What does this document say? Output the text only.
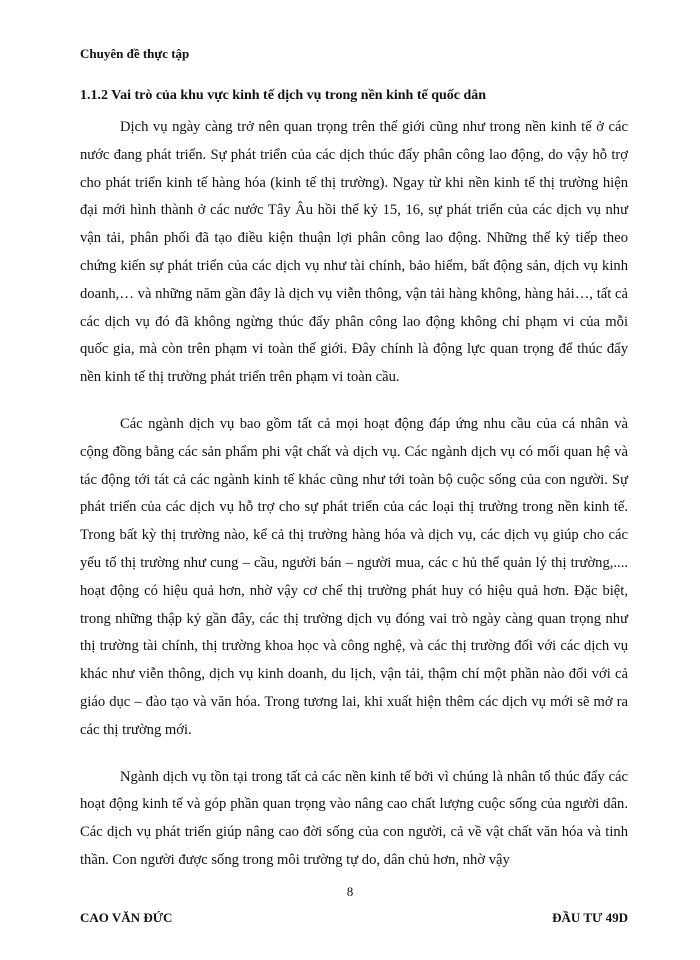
Chuyên đề thực tập
1.1.2 Vai trò của khu vực kinh tế dịch vụ trong nền kinh tế quốc dân

Dịch vụ ngày càng trở nên quan trọng trên thế giới cũng như trong nền kinh tế ở các nước đang phát triển. Sự phát triển của các dịch thúc đẩy phân công lao động, do vậy hỗ trợ cho phát triển kinh tế hàng hóa (kinh tế thị trường). Ngay từ khi nền kinh tế thị trường hiện đại mới hình thành ở các nước Tây Âu hồi thế kỷ 15, 16, sự phát triển của các dịch vụ như vận tải, phân phối đã tạo điều kiện thuận lợi phân công lao động. Những thế kỷ tiếp theo chứng kiến sự phát triển của các dịch vụ như tài chính, bảo hiểm, bất động sản, dịch vụ kinh doanh,… và những năm gần đây là dịch vụ viễn thông, vận tải hàng không, hàng hải…, tất cả các dịch vụ đó đã không ngừng thúc đẩy phân công lao động không chỉ phạm vi của mỗi quốc gia, mà còn trên phạm vi toàn thế giới. Đây chính là động lực quan trọng để thúc đẩy nền kinh tế thị trường phát triển trên phạm vi toàn cầu.

Các ngành dịch vụ bao gồm tất cả mọi hoạt động đáp ứng nhu cầu của cá nhân và cộng đồng bằng các sản phẩm phi vật chất và dịch vụ. Các ngành dịch vụ có mối quan hệ và tác động tới tát cả các ngành kinh tế khác cũng như tới toàn bộ cuộc sống của con người. Sự phát triển của các dịch vụ hỗ trợ cho sự phát triển của các loại thị trường trong nền kinh tế. Trong bất kỳ thị trường nào, kể cả thị trường hàng hóa và dịch vụ, các dịch vụ giúp cho các yếu tố thị trường như cung – cầu, người bán – người mua, các c hủ thể quản lý thị trường,.... hoạt động có hiệu quả hơn, nhờ vậy cơ chế thị trường phát huy có hiệu quả hơn. Đặc biệt, trong những thập kỷ gần đây, các thị trường dịch vụ đóng vai trò ngày càng quan trọng như thị trường tài chính, thị trường khoa học và công nghệ, và các thị trường đối với các dịch vụ khác như viễn thông, dịch vụ kinh doanh, du lịch, vận tải, thậm chí một phần nào đối với cả giáo dục – đào tạo và văn hóa. Trong tương lai, khi xuất hiện thêm các dịch vụ mới sẽ mở ra các thị trường mới.

Ngành dịch vụ tồn tại trong tất cả các nền kinh tế bởi vì chúng là nhân tố thúc đẩy các hoạt động kinh tế và góp phần quan trọng vào nâng cao chất lượng cuộc sống của người dân. Các dịch vụ phát triển giúp nâng cao đời sống của con người, cả về vật chất văn hóa và tinh thần. Con người được sống trong môi trường tự do, dân chủ hơn, nhờ vậy

8
CAO VĂN ĐỨC	ĐẦU TƯ 49D
